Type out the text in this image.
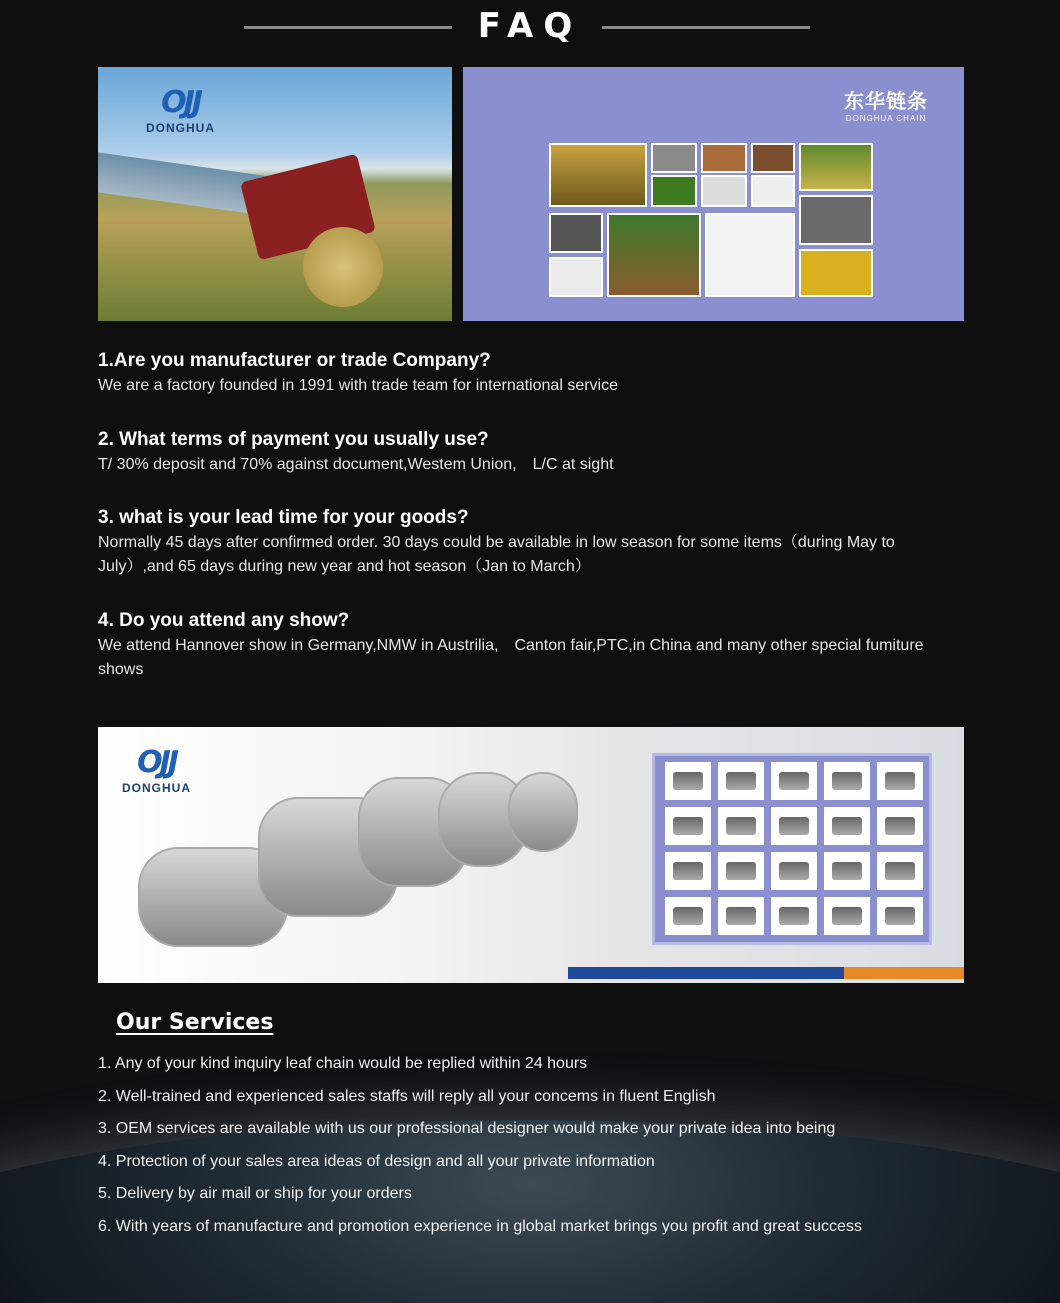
FAQ
OJJ
DONGHUA
东华链条
DONGHUA CHAIN
1.Are you manufacturer or trade Company?
We are a factory founded in 1991 with trade team for international service
2. What terms of payment you usually use?
T/ 30% deposit and 70% against document,Westem Union,　L/C at sight
3. what is your lead time for your goods?
Normally 45 days after confirmed order. 30 days could be available in low season for some items（during May to July）,and 65 days during new year and hot season（Jan to March）
4. Do you attend any show?
We attend Hannover show in Germany,NMW in Austrilia,　Canton fair,PTC,in China and many other special fumiture shows
OJJ
DONGHUA
Our Services
1. Any of your kind inquiry leaf chain would be replied within 24 hours
2. Well-trained and experienced sales staffs will reply all your concems in fluent English
3. OEM services are available with us our professional designer would make your private idea into being
4. Protection of your sales area ideas of design and all your private information
5. Delivery by air mail or ship for your orders
6. With years of manufacture and promotion experience in global market brings you profit and great success
